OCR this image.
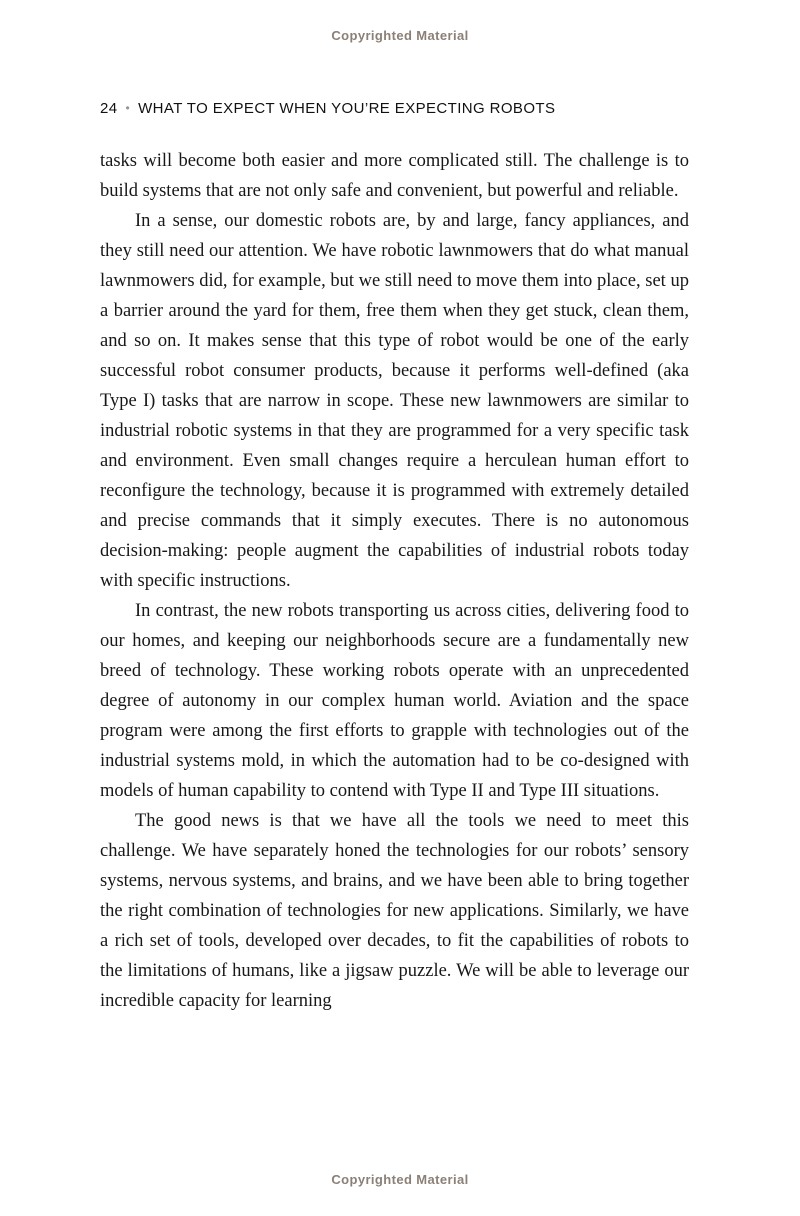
Copyrighted Material
24 • WHAT TO EXPECT WHEN YOU’RE EXPECTING ROBOTS

tasks will become both easier and more complicated still. The challenge is to build systems that are not only safe and convenient, but powerful and reliable.

In a sense, our domestic robots are, by and large, fancy appliances, and they still need our attention. We have robotic lawnmowers that do what manual lawnmowers did, for example, but we still need to move them into place, set up a barrier around the yard for them, free them when they get stuck, clean them, and so on. It makes sense that this type of robot would be one of the early successful robot consumer products, because it performs well-defined (aka Type I) tasks that are narrow in scope. These new lawnmowers are similar to industrial robotic systems in that they are programmed for a very specific task and environment. Even small changes require a herculean human effort to reconfigure the technology, because it is programmed with extremely detailed and precise commands that it simply executes. There is no autonomous decision-making: people augment the capabilities of industrial robots today with specific instructions.

In contrast, the new robots transporting us across cities, delivering food to our homes, and keeping our neighborhoods secure are a fundamentally new breed of technology. These working robots operate with an unprecedented degree of autonomy in our complex human world. Aviation and the space program were among the first efforts to grapple with technologies out of the industrial systems mold, in which the automation had to be co-designed with models of human capability to contend with Type II and Type III situations.

The good news is that we have all the tools we need to meet this challenge. We have separately honed the technologies for our robots’ sensory systems, nervous systems, and brains, and we have been able to bring together the right combination of technologies for new applications. Similarly, we have a rich set of tools, developed over decades, to fit the capabilities of robots to the limitations of humans, like a jigsaw puzzle. We will be able to leverage our incredible capacity for learning

Copyrighted Material
